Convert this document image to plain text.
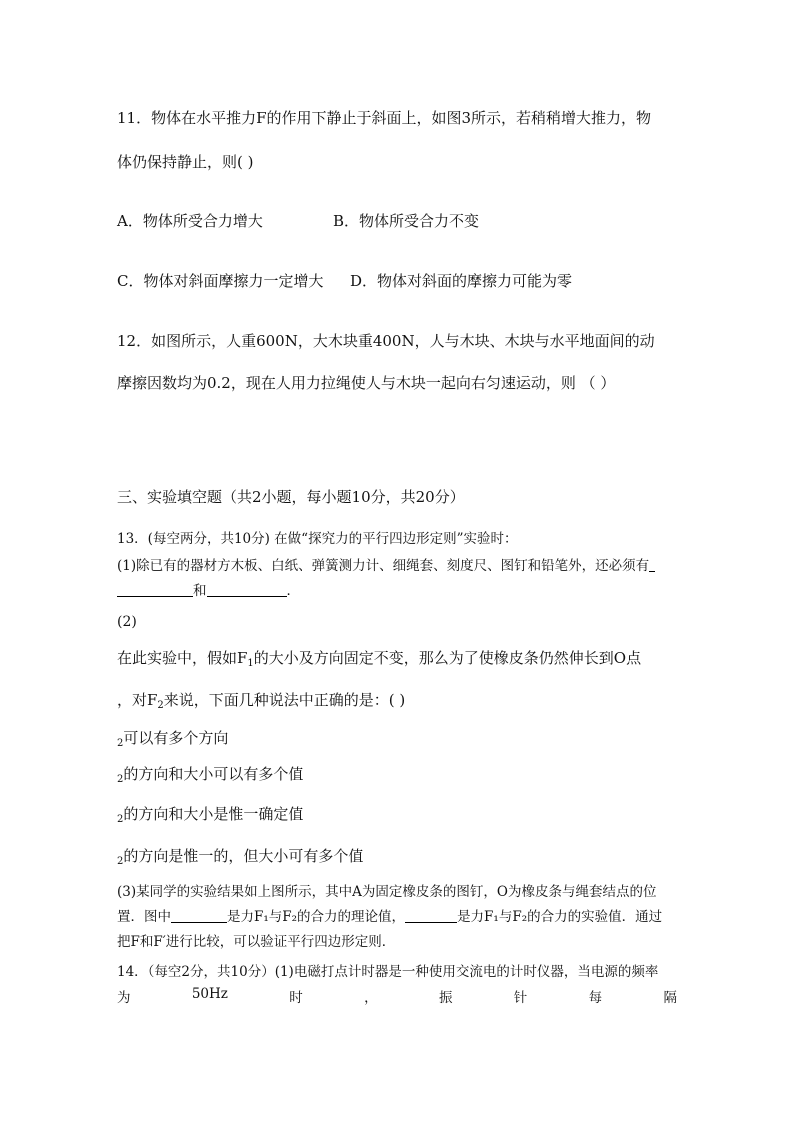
11．物体在水平推力F的作用下静止于斜面上，如图3所示，若稍稍增大推力，物
体仍保持静止，则( )
A．物体所受合力增大	B．物体所受合力不变
C．物体对斜面摩擦力一定增大 D．物体对斜面的摩擦力可能为零
12．如图所示，人重600N，大木块重400N，人与木块、木块与水平地面间的动
摩擦因数均为0.2，现在人用力拉绳使人与木块一起向右匀速运动，则 （ ）
三、实验填空题（共2小题，每小题10分，共20分）
13．(每空两分，共10分) 在做“探究力的平行四边形定则”实验时：
(1)除已有的器材方木板、白纸、弹簧测力计、细绳套、刻度尺、图钉和铅笔外，还必须有
和	．
(2)
在此实验中，假如$F_1$的大小及方向固定不变，那么为了使橡皮条仍然伸长到O点
，对$F_2$来说，下面几种说法中正确的是：( )
$_2$可以有多个方向
$_2$的方向和大小可以有多个值
$_2$的方向和大小是惟一确定值
$_2$的方向是惟一的，但大小可有多个值
(3)某同学的实验结果如上图所示，其中A为固定橡皮条的图钉，O为橡皮条与绳套结点的位
置．图中	是力F₁与F₂的合力的理论值，	是力F₁与F₂的合力的实验值．通过
把F和F′进行比较，可以验证平行四边形定则．
14．（每空2分，共10分）(1)电磁打点计时器是一种使用交流电的计时仪器，当电源的频率
为	50Hz	时	，	振	针	每	隔
